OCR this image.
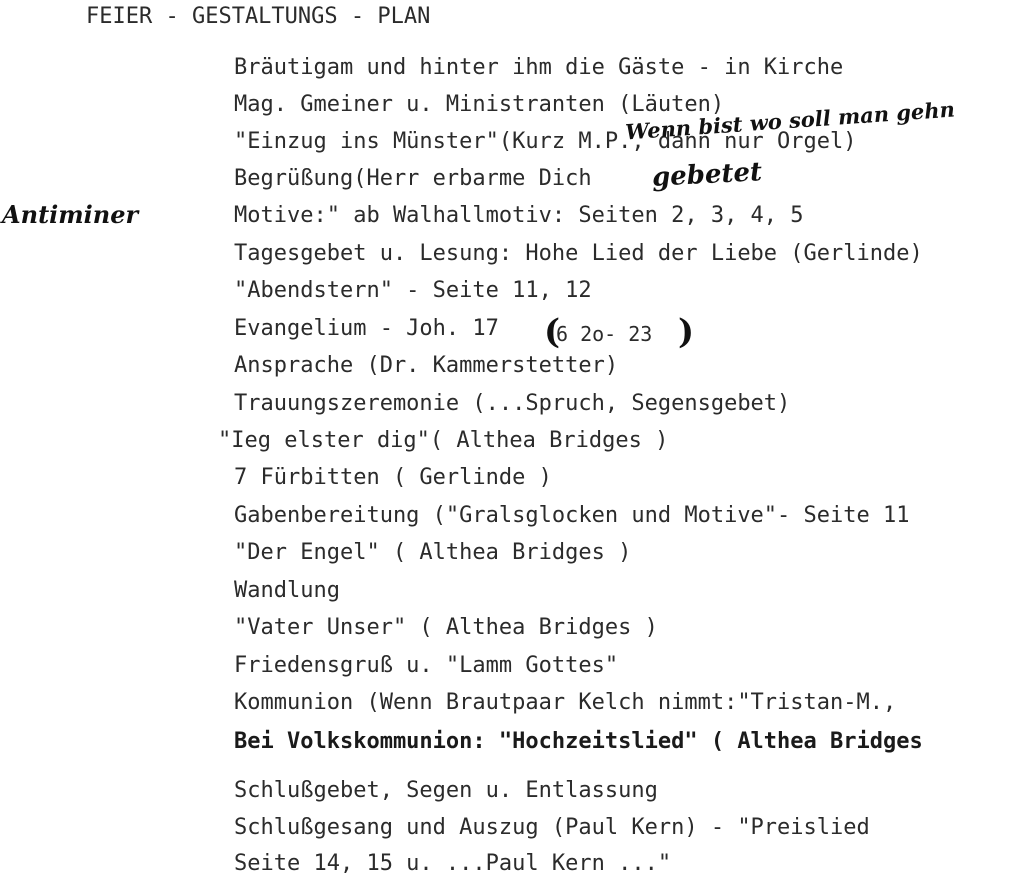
FEIER - GESTALTUNGS - PLAN
Bräutigam und hinter ihm die Gäste - in Kirche
Mag. Gmeiner u. Ministranten (Läuten)
"Einzug ins Münster"(Kurz M.P., dann nur Orgel)
Begrüßung(Herr erbarme Dich
Motive:" ab Walhallmotiv: Seiten 2, 3, 4, 5
Tagesgebet u. Lesung: Hohe Lied der Liebe (Gerlinde)
"Abendstern" - Seite 11, 12
Evangelium - Joh. 17
Ansprache (Dr. Kammerstetter)
Trauungszeremonie (...Spruch, Segensgebet)
"Ieg elster dig"( Althea Bridges )
7 Fürbitten ( Gerlinde )
Gabenbereitung ("Gralsglocken und Motive"- Seite 11
"Der Engel" ( Althea Bridges )
Wandlung
"Vater Unser" ( Althea Bridges )
Friedensgruß u. "Lamm Gottes"
Kommunion (Wenn Brautpaar Kelch nimmt:"Tristan-M.,
Bei Volkskommunion: "Hochzeitslied" ( Althea Bridges
Schlußgebet, Segen u. Entlassung
Schlußgesang und Auszug (Paul Kern) - "Preislied
Seite 14, 15 u. ...Paul Kern ..."
Wenn bist wo soll man gehn
gebetet
Antiminer
(
6 2o- 23 )
